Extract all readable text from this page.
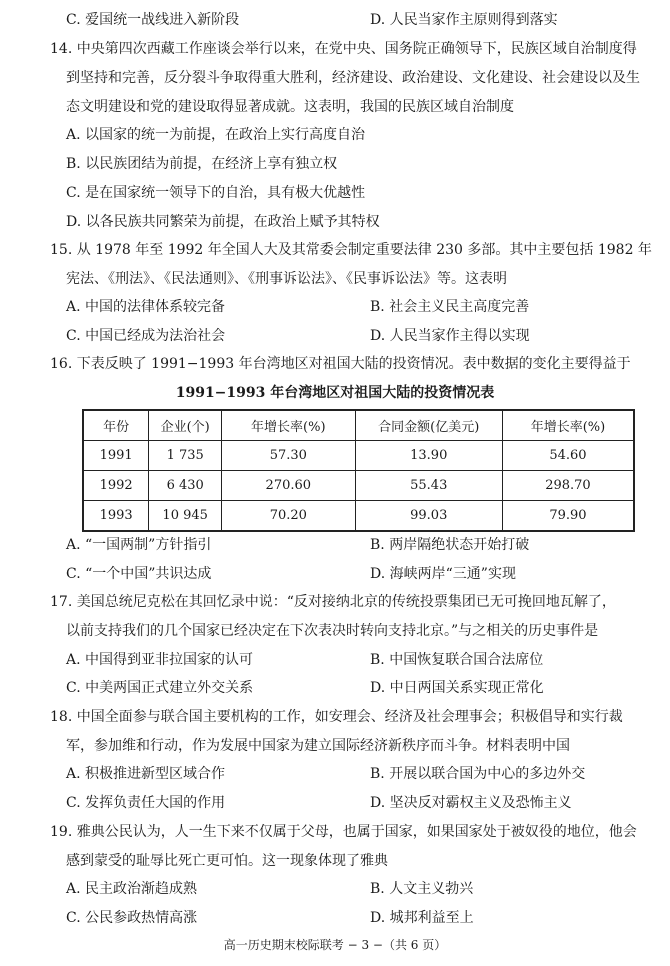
C. 爱国统一战线进入新阶段	D. 人民当家作主原则得到落实
14. 中央第四次西藏工作座谈会举行以来，在党中央、国务院正确领导下，民族区域自治制度得
到坚持和完善，反分裂斗争取得重大胜利，经济建设、政治建设、文化建设、社会建设以及生
态文明建设和党的建设取得显著成就。这表明，我国的民族区域自治制度
A. 以国家的统一为前提，在政治上实行高度自治
B. 以民族团结为前提，在经济上享有独立权
C. 是在国家统一领导下的自治，具有极大优越性
D. 以各民族共同繁荣为前提，在政治上赋予其特权
15. 从 1978 年至 1992 年全国人大及其常委会制定重要法律 230 多部。其中主要包括 1982 年
宪法、《刑法》、《民法通则》、《刑事诉讼法》、《民事诉讼法》等。这表明
A. 中国的法律体系较完备	B. 社会主义民主高度完善
C. 中国已经成为法治社会	D. 人民当家作主得以实现
16. 下表反映了 1991−1993 年台湾地区对祖国大陆的投资情况。表中数据的变化主要得益于
1991−1993 年台湾地区对祖国大陆的投资情况表
年份	企业(个)	年增长率(%)	合同金额(亿美元)	年增长率(%)
1991	1 735	57.30	13.90	54.60
1992	6 430	270.60	55.43	298.70
1993	10 945	70.20	99.03	79.90
A. “一国两制”方针指引	B. 两岸隔绝状态开始打破
C. “一个中国”共识达成	D. 海峡两岸“三通”实现
17. 美国总统尼克松在其回忆录中说：“反对接纳北京的传统投票集团已无可挽回地瓦解了，
以前支持我们的几个国家已经决定在下次表决时转向支持北京。”与之相关的历史事件是
A. 中国得到亚非拉国家的认可	B. 中国恢复联合国合法席位
C. 中美两国正式建立外交关系	D. 中日两国关系实现正常化
18. 中国全面参与联合国主要机构的工作，如安理会、经济及社会理事会；积极倡导和实行裁
军，参加维和行动，作为发展中国家为建立国际经济新秩序而斗争。材料表明中国
A. 积极推进新型区域合作	B. 开展以联合国为中心的多边外交
C. 发挥负责任大国的作用	D. 坚决反对霸权主义及恐怖主义
19. 雅典公民认为，人一生下来不仅属于父母，也属于国家，如果国家处于被奴役的地位，他会
感到蒙受的耻辱比死亡更可怕。这一现象体现了雅典
A. 民主政治渐趋成熟	B. 人文主义勃兴
C. 公民参政热情高涨	D. 城邦利益至上
高一历史期末校际联考 − 3 −（共 6 页）
